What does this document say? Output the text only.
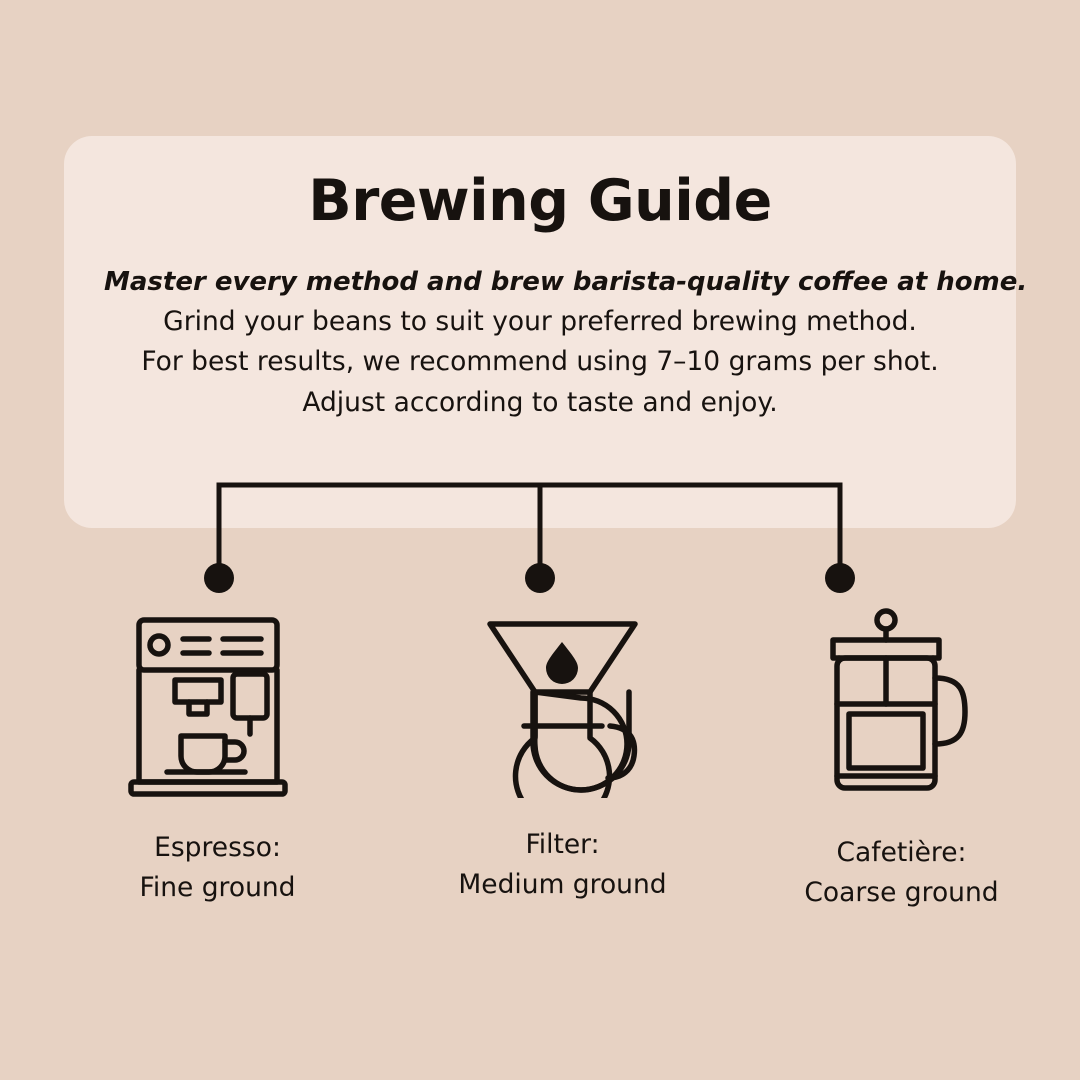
Brewing Guide
Master every method and brew barista-quality coffee at home.
Grind your beans to suit your preferred brewing method.
For best results, we recommend using 7–10 grams per shot.
Adjust according to taste and enjoy.
Espresso:
Fine ground
Filter:
Medium ground
Cafetière:
Coarse ground
